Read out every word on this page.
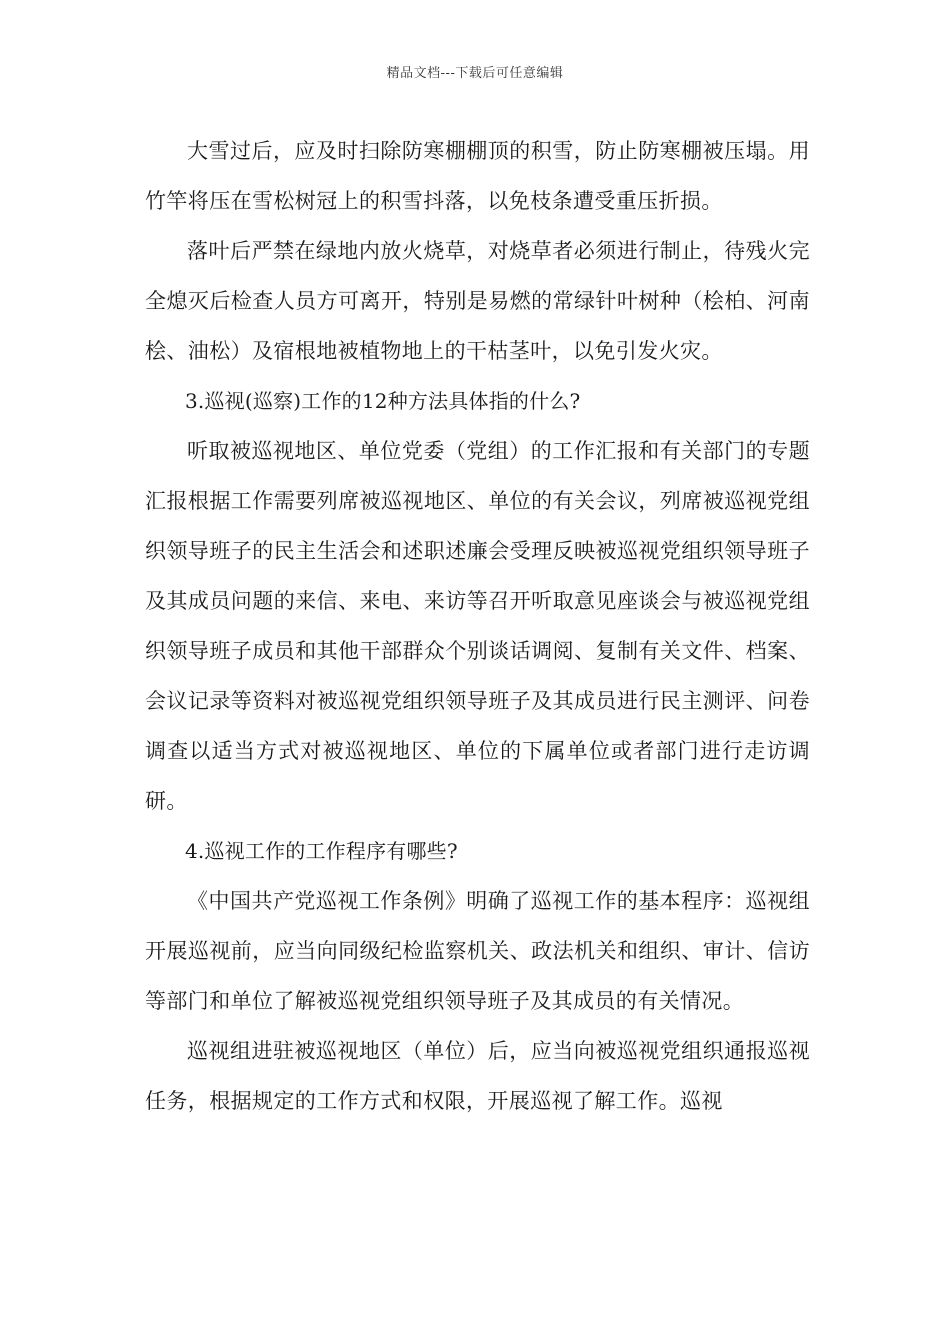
精品文档---下载后可任意编辑

大雪过后，应及时扫除防寒棚棚顶的积雪，防止防寒棚被压塌。用竹竿将压在雪松树冠上的积雪抖落，以免枝条遭受重压折损。

落叶后严禁在绿地内放火烧草，对烧草者必须进行制止，待残火完全熄灭后检查人员方可离开，特别是易燃的常绿针叶树种（桧柏、河南桧、油松）及宿根地被植物地上的干枯茎叶，以免引发火灾。

3.巡视(巡察)工作的12种方法具体指的什么?

听取被巡视地区、单位党委（党组）的工作汇报和有关部门的专题汇报根据工作需要列席被巡视地区、单位的有关会议，列席被巡视党组织领导班子的民主生活会和述职述廉会受理反映被巡视党组织领导班子及其成员问题的来信、来电、来访等召开听取意见座谈会与被巡视党组织领导班子成员和其他干部群众个别谈话调阅、复制有关文件、档案、会议记录等资料对被巡视党组织领导班子及其成员进行民主测评、问卷调查以适当方式对被巡视地区、单位的下属单位或者部门进行走访调研。

4.巡视工作的工作程序有哪些?

《中国共产党巡视工作条例》明确了巡视工作的基本程序：巡视组开展巡视前，应当向同级纪检监察机关、政法机关和组织、审计、信访等部门和单位了解被巡视党组织领导班子及其成员的有关情况。

巡视组进驻被巡视地区（单位）后，应当向被巡视党组织通报巡视任务，根据规定的工作方式和权限，开展巡视了解工作。巡视
